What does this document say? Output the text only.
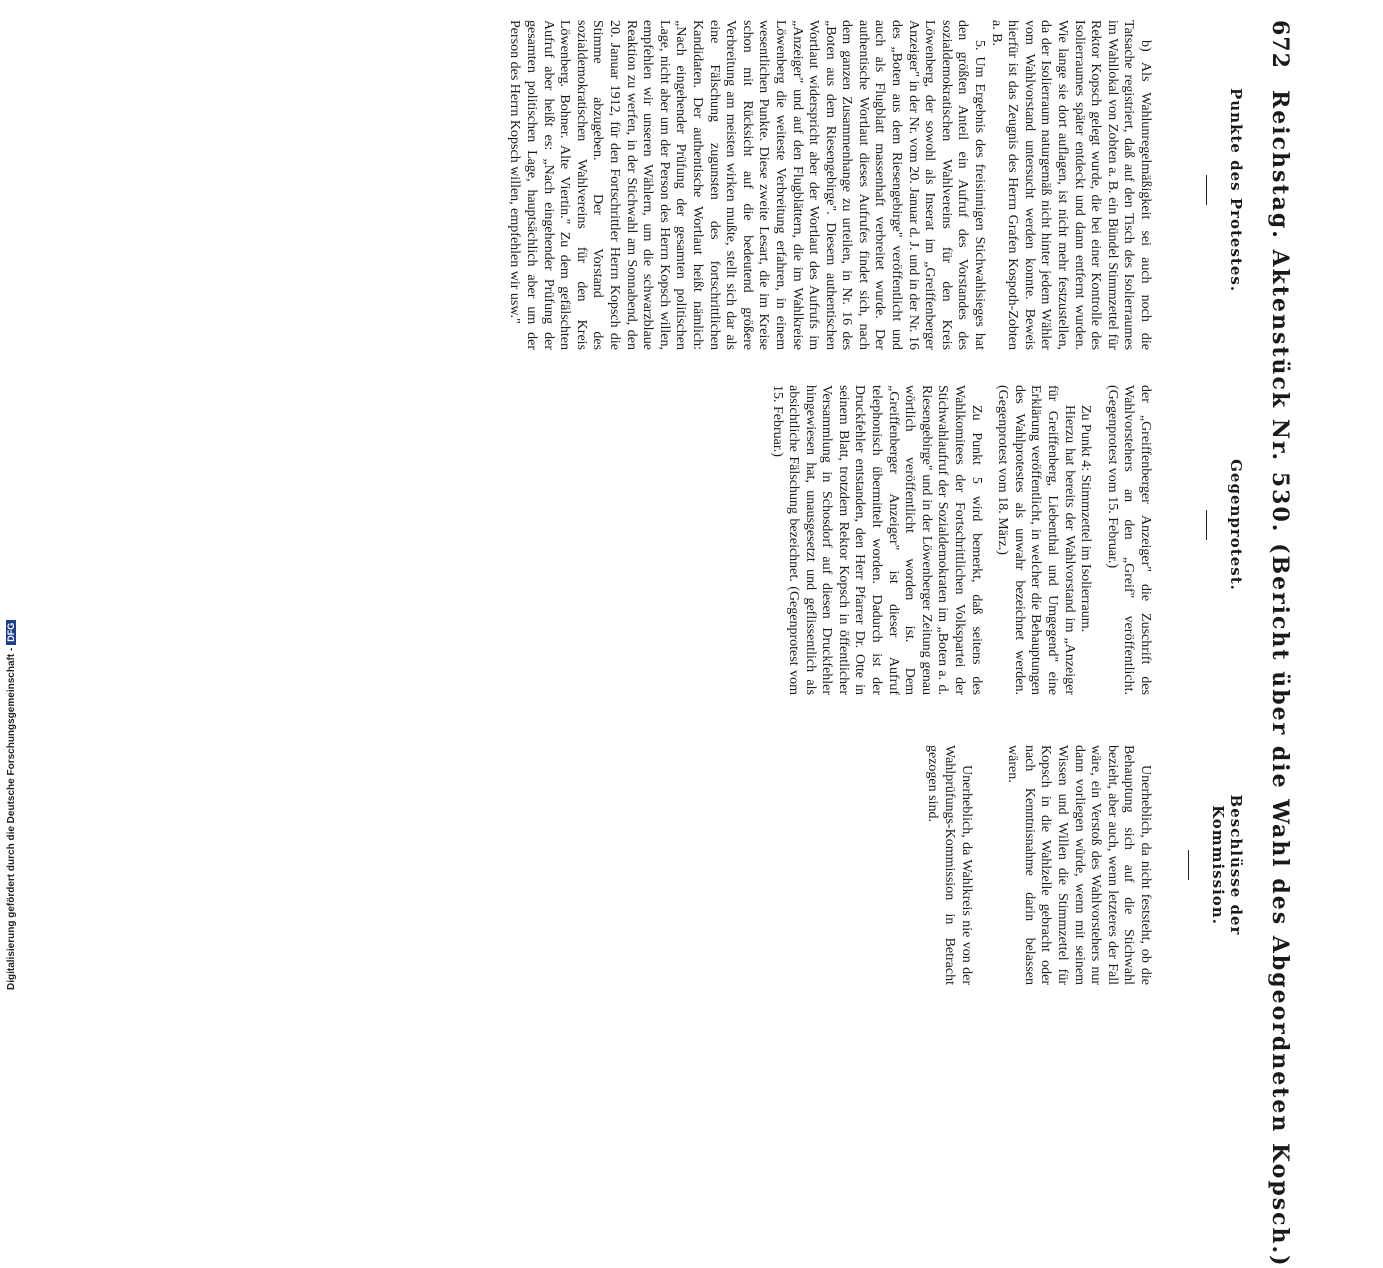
672
Reichstag. Aktenstück Nr. 530. (Bericht über die Wahl des Abgeordneten Kopsch.)
Punkte des Protestes.
Gegenprotest.
Beschlüsse der Kommission.

b) Als Wahlunregelmäßigkeit sei auch noch die Tatsache registriert, daß auf den Tisch des Isolierraumes im Wahllokal von Zobten a. B. ein Bündel Stimmzettel für Rektor Kopsch gelegt wurde, die bei einer Kontrolle des Isolierraumes später entdeckt und dann entfernt wurden. Wie lange sie dort auflagen, ist nicht mehr festzustellen, da der Isolierraum naturgemäß nicht hinter jedem Wähler vom Wahlvorstand untersucht werden konnte. Beweis hierfür ist das Zeugnis des Herrn Grafen Kospoth-Zobten a. B.

5. Um Ergebnis des freisinnigen Stichwahlsieges hat den größten Anteil ein Aufruf des Vorstandes des sozialdemokratischen Wahlvereins für den Kreis Löwenberg, der sowohl als Inserat im „Greiffenberger Anzeiger" in der Nr. vom 20. Januar d. J. und in der Nr. 16 des „Boten aus dem Riesengebirge" veröffentlicht und auch als Flugblatt massenhaft verbreitet wurde. Der authentische Wortlaut dieses Aufrufes findet sich, nach dem ganzen Zusammenhange zu urteilen, in Nr. 16 des „Boten aus dem Riesengebirge". Diesem authentischen Wortlaut widerspricht aber der Wortlaut des Aufrufs im „Anzeiger" und auf den Flugblättern, die im Wahlkreise Löwenberg die weiteste Verbreitung erfahren, in einem wesentlichen Punkte. Diese zweite Lesart, die im Kreise schon mit Rücksicht auf die bedeutend größere Verbreitung am meisten wirken mußte, stellt sich dar als eine Fälschung zugunsten des fortschrittlichen Kandidaten. Der authentische Wortlaut heißt nämlich: „Nach eingehender Prüfung der gesamten politischen Lage, nicht aber um der Person des Herrn Kopsch willen, empfehlen wir unseren Wählern, um die schwarzblaue Reaktion zu werfen, in der Stichwahl am Sonnabend, den 20. Januar 1912, für den Fortschrittler Herrn Kopsch die Stimme abzugeben. Der Vorstand des sozialdemokratischen Wahlvereins für den Kreis Löwenberg. Bohner. Alte Viertin." Zu dem gefälschten Aufruf aber heißt es: „Nach eingehender Prüfung der gesamten politischen Lage, hauptsächlich aber um der Person des Herrn Kopsch willen, empfehlen wir usw."

der „Greiffenberger Anzeiger" die Zuschrift des Wahlvorstehers an den „Greif" veröffentlicht. (Gegenprotest vom 15. Februar.)

Zu Punkt 4: Stimmzettel im Isolierraum.

Hierzu hat bereits der Wahlvorstand im „Anzeiger für Greiffenberg, Liebenthal und Umgegend" eine Erklärung veröffentlicht, in welcher die Behauptungen des Wahlprotestes als unwahr bezeichnet werden. (Gegenprotest vom 18. März.)

Zu Punkt 5 wird bemerkt, daß seitens des Wahlkomitees der Fortschrittlichen Volkspartei der Stichwahlaufruf der Sozialdemokraten im „Boten a. d. Riesengebirge" und in der Löwenberger Zeitung genau wörtlich veröffentlicht worden ist. Dem „Greiffenberger Anzeiger" ist dieser Aufruf telephonisch übermittelt worden. Dadurch ist der Druckfehler entstanden, den Herr Pfarrer Dr. Otte in seinem Blatt, trotzdem Rektor Kopsch in öffentlicher Versammlung in Schosdorf auf diesen Druckfehler hingewiesen hat, unausgesetzt und geflissentlich als absichtliche Fälschung bezeichnet. (Gegenprotest vom 15. Februar.)

Unerheblich, da nicht feststeht, ob die Behauptung sich auf die Stichwahl bezieht, aber auch, wenn letzteres der Fall wäre, ein Verstoß des Wahlvorstehers nur dann vorliegen würde, wenn mit seinem Wissen und Willen die Stimmzettel für Kopsch in die Wahlzelle gebracht oder nach Kenntnisnahme darin belassen wären.

Unerheblich, da Wahlkreis nie von der Wahlprüfungs-Kommission in Betracht gezogen sind.

Digitalisierung gefördert durch die Deutsche Forschungsgemeinschaft -DFG
